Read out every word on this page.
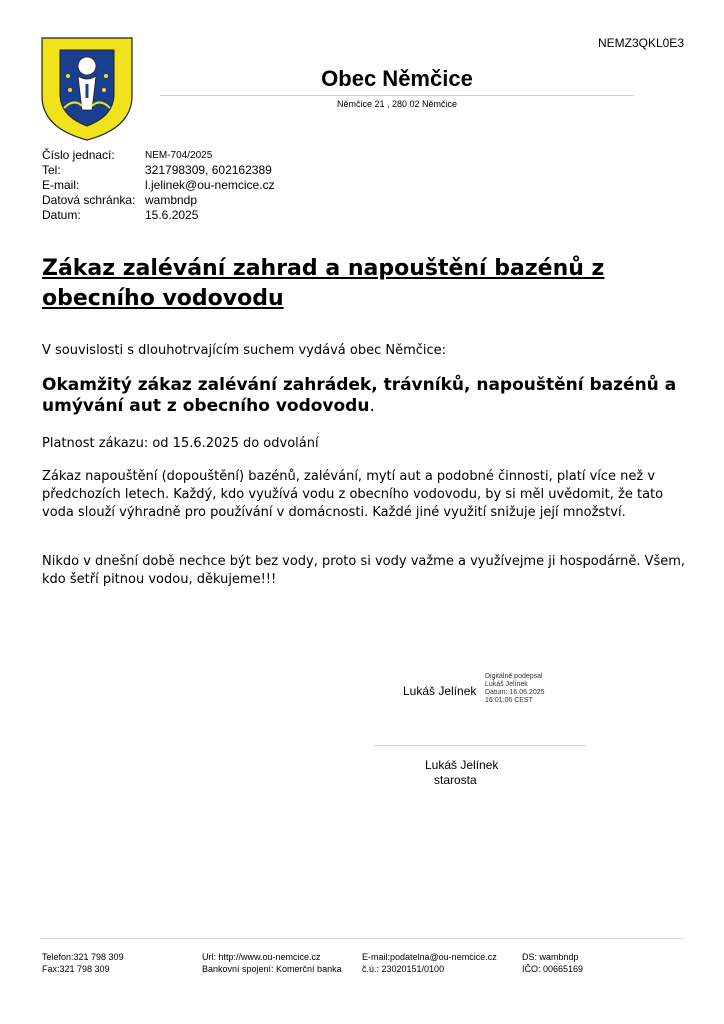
NEMZ3QKL0E3
Obec Němčice
Němčice 21 , 280 02 Němčice
Číslo jednací:	NEM-704/2025
Tel:	321798309, 602162389
E-mail:	l.jelinek@ou-nemcice.cz
Datová schránka: wambndp
Datum:	15.6.2025
Zákaz zalévání zahrad a napouštění bazénů z obecního vodovodu
V souvislosti s dlouhotrvajícím suchem vydává obec Němčice:
Okamžitý zákaz zalévání zahrádek, trávníků, napouštění bazénů a umývání aut z obecního vodovodu.
Platnost zákazu: od 15.6.2025 do odvolání
Zákaz napouštění (dopouštění) bazénů, zalévání, mytí aut a podobné činnosti, platí více než v předchozích letech. Každý, kdo využívá vodu z obecního vodovodu, by si měl uvědomit, že tato voda slouží výhradně pro používání v domácnosti. Každé jiné využití snižuje její množství.
Nikdo v dnešní době nechce být bez vody, proto si vody važme a využívejme ji hospodárně. Všem, kdo šetří pitnou vodou, děkujeme!!!
Lukáš Jelínek
Digitálně podepsal
Lukáš Jelínek
Datum: 16.06.2025
16:01:06 CEST
Lukáš Jelínek
starosta
Telefon:321 798 309
Fax:321 798 309
Url: http://www.ou-nemcice.cz
Bankovní spojení: Komerční banka
E-mail:podatelna@ou-nemcice.cz
č.ú.: 23020151/0100
DS: wambndp
IČO: 00665169
